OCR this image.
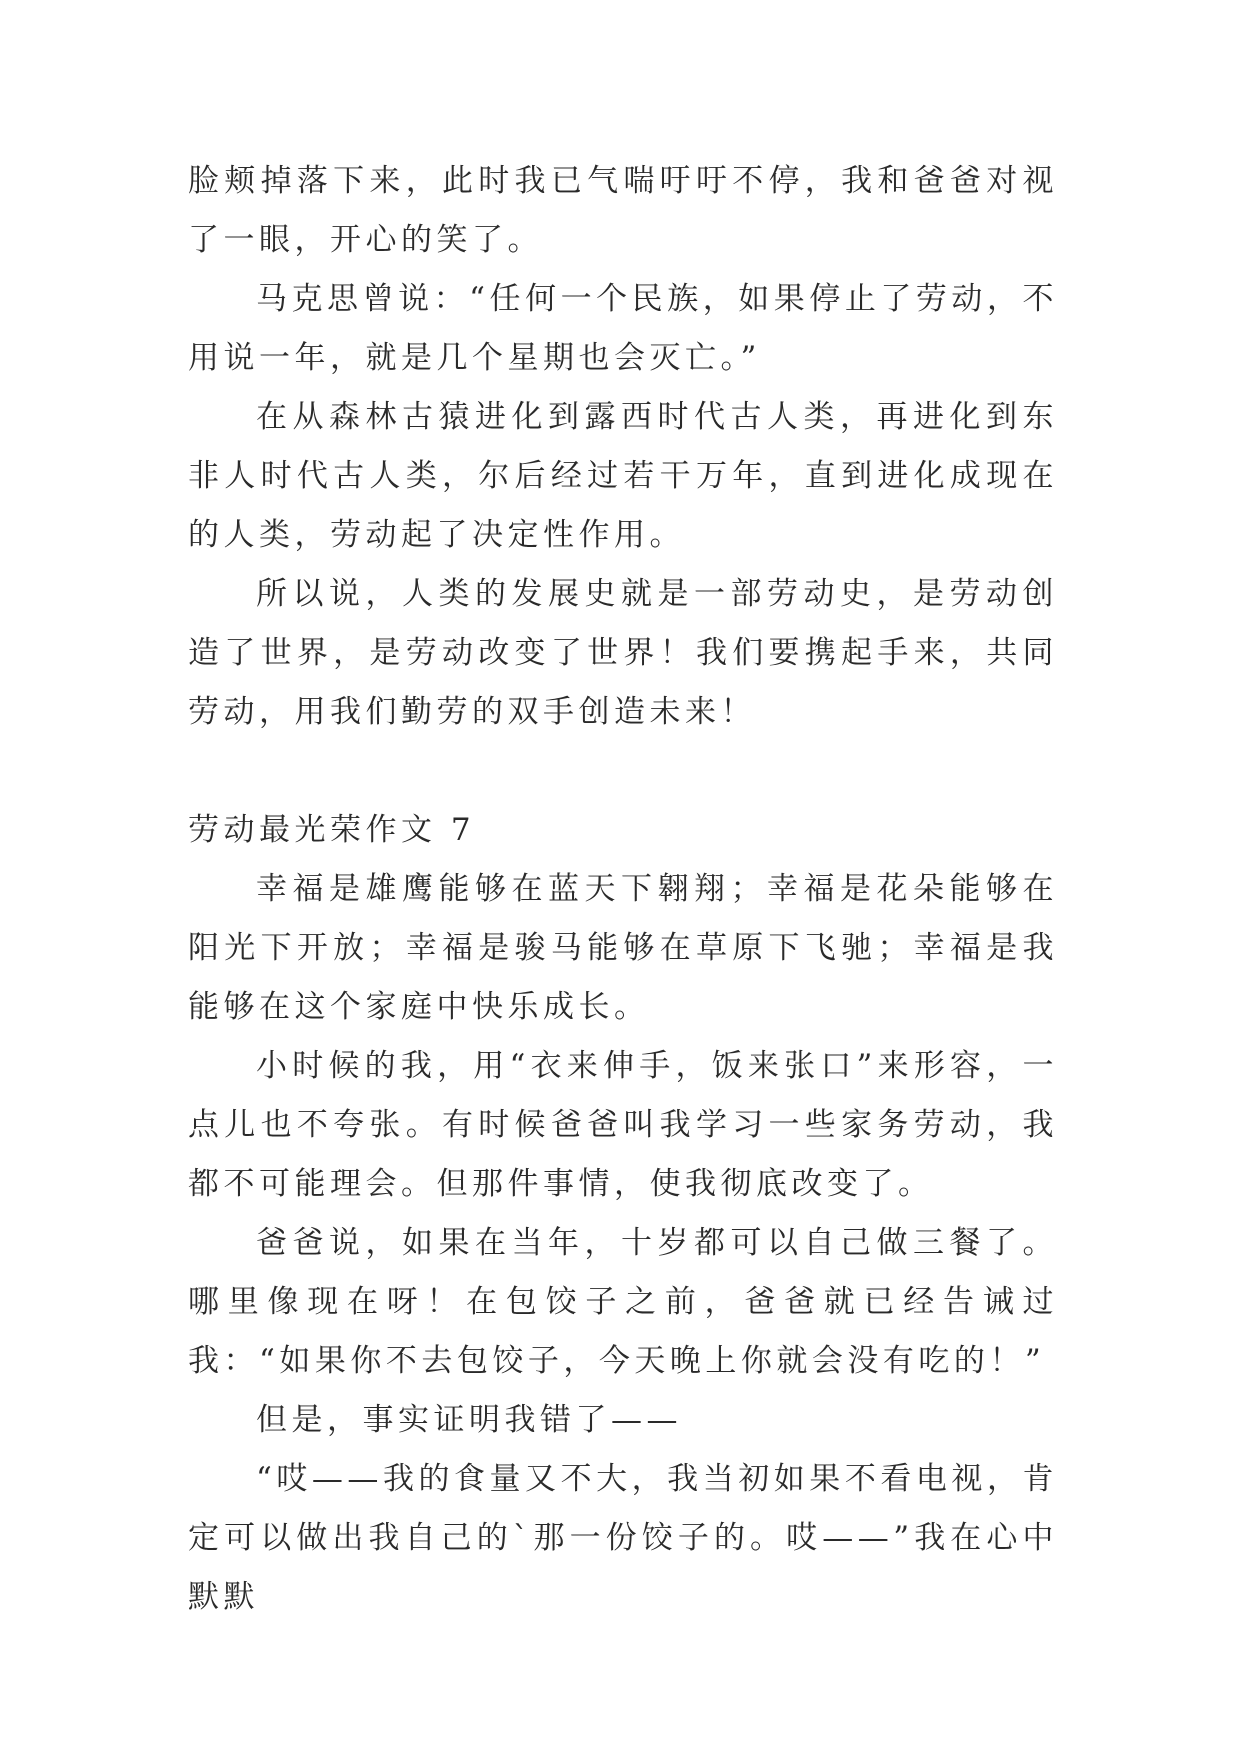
脸颊掉落下来，此时我已气喘吁吁不停，我和爸爸对视了一眼，开心的笑了。

马克思曾说：“任何一个民族，如果停止了劳动，不用说一年，就是几个星期也会灭亡。”

在从森林古猿进化到露西时代古人类，再进化到东非人时代古人类，尔后经过若干万年，直到进化成现在的人类，劳动起了决定性作用。

所以说，人类的发展史就是一部劳动史，是劳动创造了世界，是劳动改变了世界！我们要携起手来，共同劳动，用我们勤劳的双手创造未来！

劳动最光荣作文 7

幸福是雄鹰能够在蓝天下翱翔；幸福是花朵能够在阳光下开放；幸福是骏马能够在草原下飞驰；幸福是我能够在这个家庭中快乐成长。

小时候的我，用“衣来伸手，饭来张口”来形容，一点儿也不夸张。有时候爸爸叫我学习一些家务劳动，我都不可能理会。但那件事情，使我彻底改变了。

爸爸说，如果在当年，十岁都可以自己做三餐了。哪里像现在呀！在包饺子之前，爸爸就已经告诫过我：“如果你不去包饺子，今天晚上你就会没有吃的！”

但是，事实证明我错了——

“哎——我的食量又不大，我当初如果不看电视，肯定可以做出我自己的`那一份饺子的。哎——”我在心中默默
